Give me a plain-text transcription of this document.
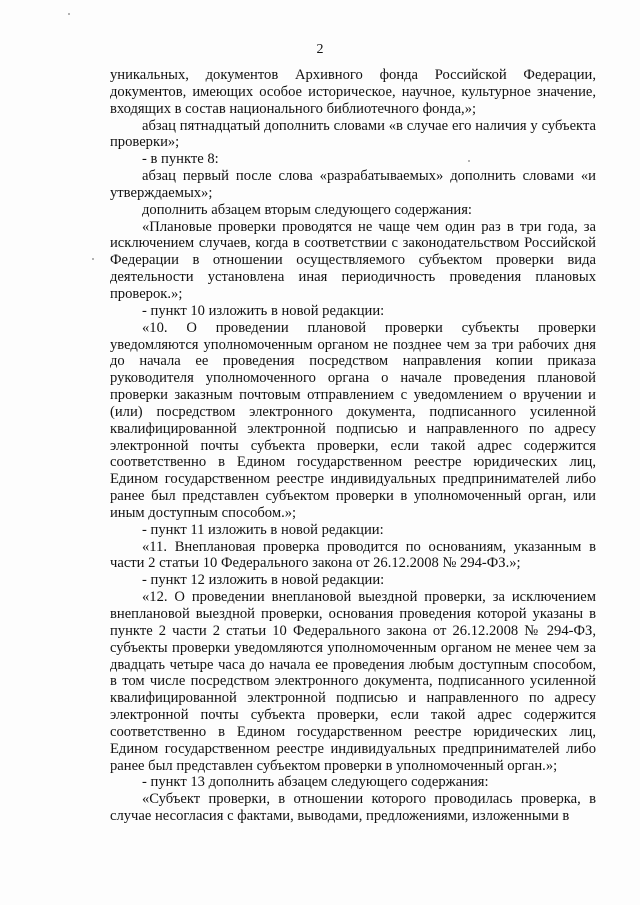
2

уникальных, документов Архивного фонда Российской Федерации, документов, имеющих особое историческое, научное, культурное значение, входящих в состав национального библиотечного фонда,»;

абзац пятнадцатый дополнить словами «в случае его наличия у субъекта проверки»;

- в пункте 8:

абзац первый после слова «разрабатываемых» дополнить словами «и утверждаемых»;

дополнить абзацем вторым следующего содержания:

«Плановые проверки проводятся не чаще чем один раз в три года, за исключением случаев, когда в соответствии с законодательством Российской Федерации в отношении осуществляемого субъектом проверки вида деятельности установлена иная периодичность проведения плановых проверок.»;

- пункт 10 изложить в новой редакции:

«10. О проведении плановой проверки субъекты проверки уведомляются уполномоченным органом не позднее чем за три рабочих дня до начала ее проведения посредством направления копии приказа руководителя уполномоченного органа о начале проведения плановой проверки заказным почтовым отправлением с уведомлением о вручении и (или) посредством электронного документа, подписанного усиленной квалифицированной электронной подписью и направленного по адресу электронной почты субъекта проверки, если такой адрес содержится соответственно в Едином государственном реестре юридических лиц, Едином государственном реестре индивидуальных предпринимателей либо ранее был представлен субъектом проверки в уполномоченный орган, или иным доступным способом.»;

- пункт 11 изложить в новой редакции:

«11. Внеплановая проверка проводится по основаниям, указанным в части 2 статьи 10 Федерального закона от 26.12.2008 № 294-ФЗ.»;

- пункт 12 изложить в новой редакции:

«12. О проведении внеплановой выездной проверки, за исключением внеплановой выездной проверки, основания проведения которой указаны в пункте 2 части 2 статьи 10 Федерального закона от 26.12.2008 № 294-ФЗ, субъекты проверки уведомляются уполномоченным органом не менее чем за двадцать четыре часа до начала ее проведения любым доступным способом, в том числе посредством электронного документа, подписанного усиленной квалифицированной электронной подписью и направленного по адресу электронной почты субъекта проверки, если такой адрес содержится соответственно в Едином государственном реестре юридических лиц, Едином государственном реестре индивидуальных предпринимателей либо ранее был представлен субъектом проверки в уполномоченный орган.»;

- пункт 13 дополнить абзацем следующего содержания:

«Субъект проверки, в отношении которого проводилась проверка, в случае несогласия с фактами, выводами, предложениями, изложенными в
